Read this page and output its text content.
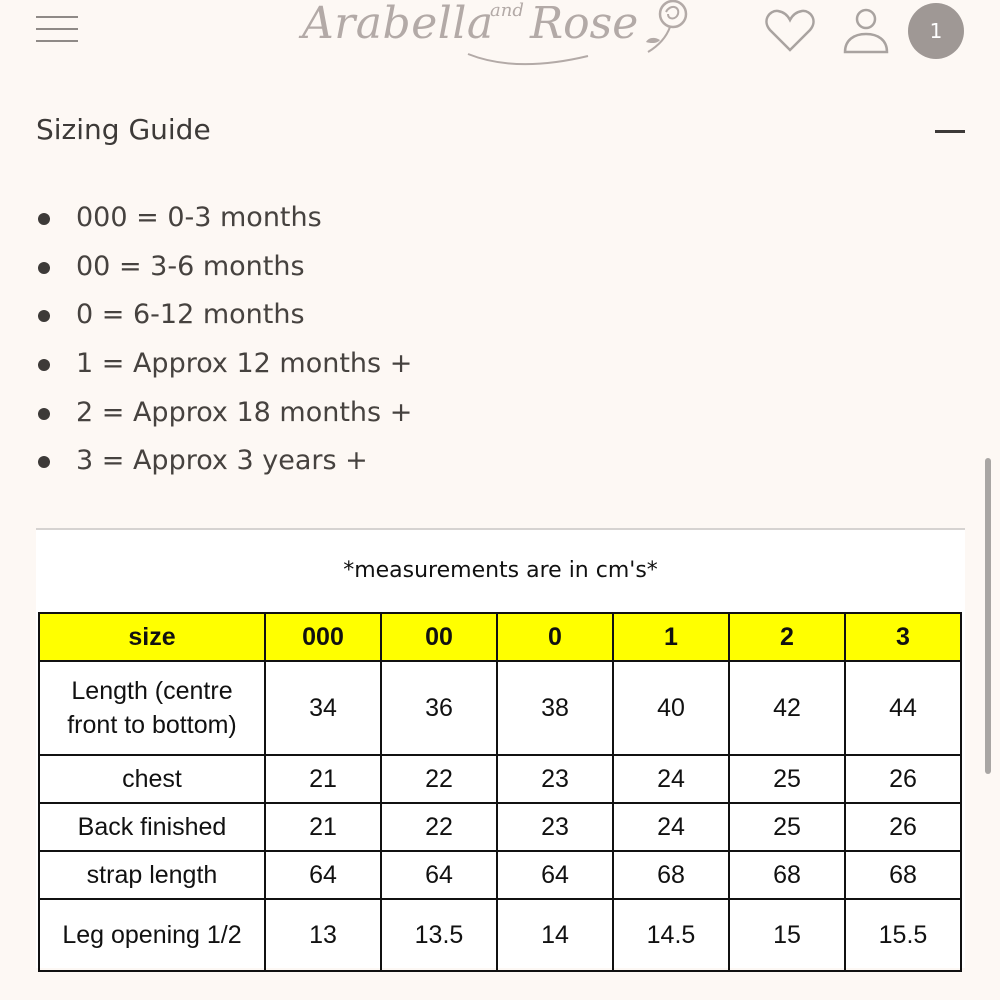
Arabella
and Rose	1
Sizing Guide
000 = 0-3 months
00 = 3-6 months
0 = 6-12 months
1 = Approx 12 months +
2 = Approx 18 months +
3 = Approx 3 years +
*measurements are in cm's*
size	000	00	0	1	2	3

Length (centre
front to bottom)	34	36	38	40	42	44
chest	21	22	23	24	25	26
Back finished	21	22	23	24	25	26
strap length	64	64	64	68	68	68
Leg opening 1/2	13	13.5	14	14.5	15	15.5
